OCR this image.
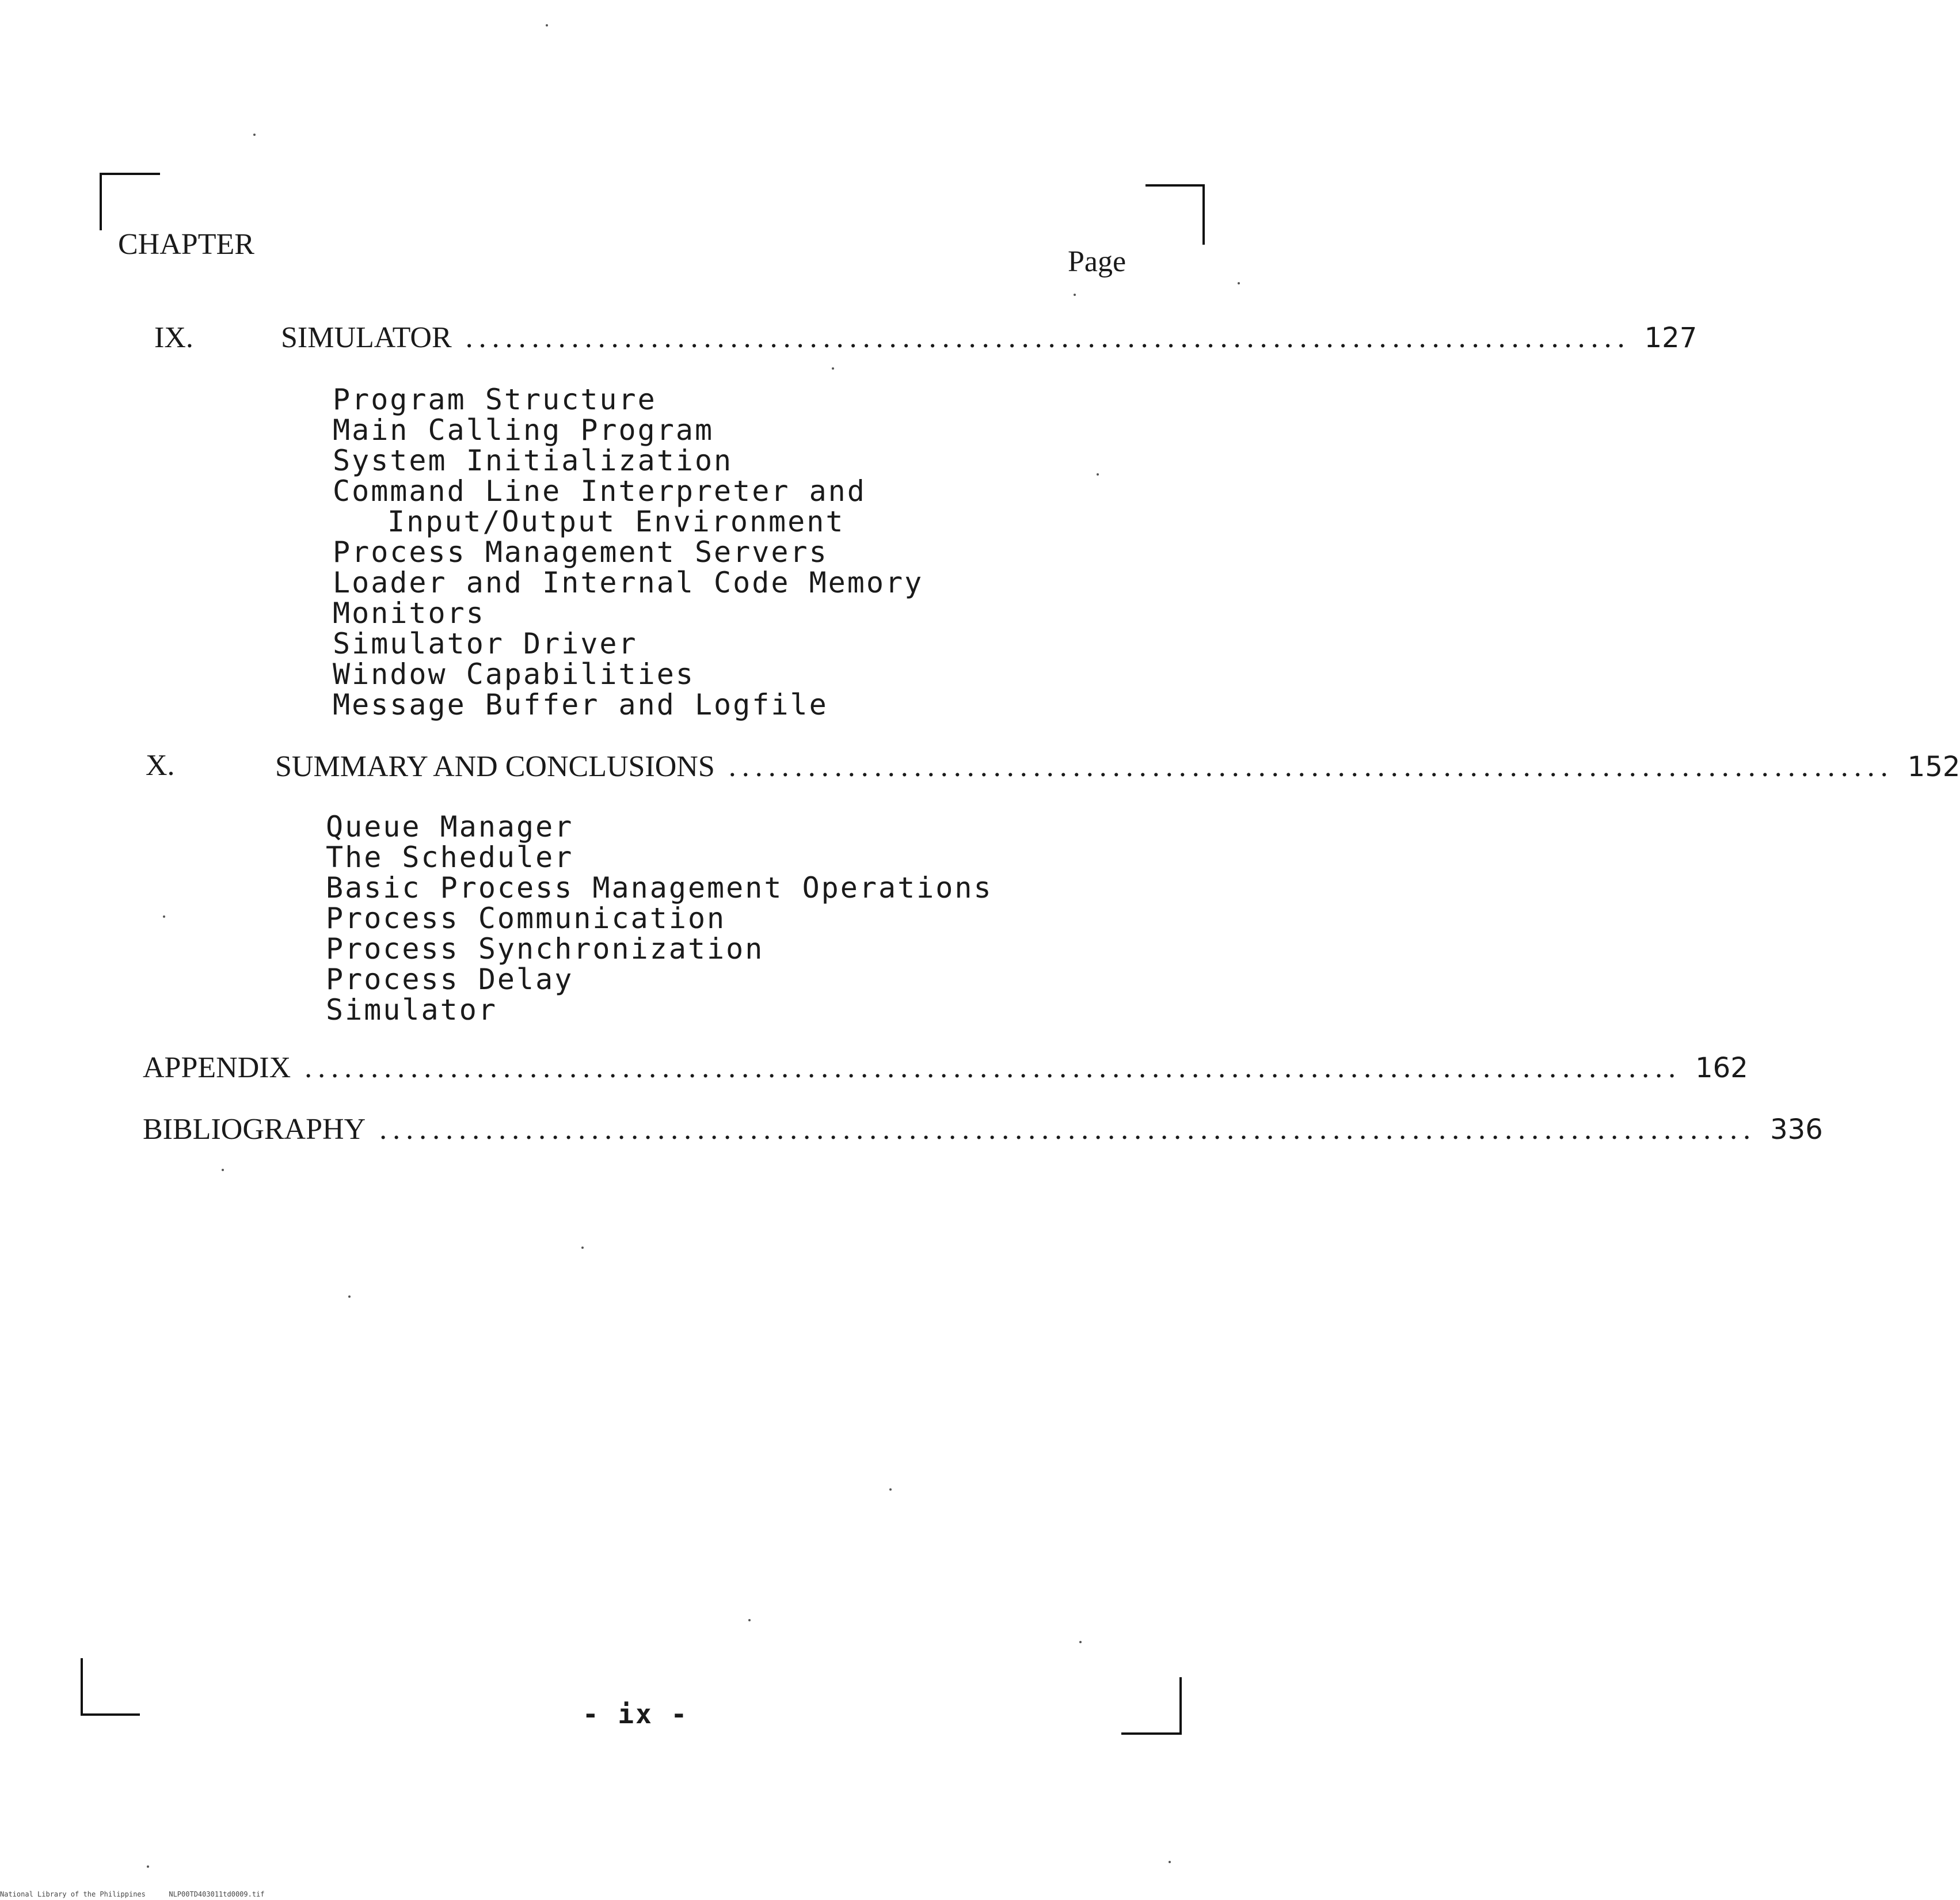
CHAPTER
Page
IX.	SIMULATOR ........................................................................................ 127
Program Structure
Main Calling Program
System Initialization
Command Line Interpreter and
Input/Output Environment
Process Management Servers
Loader and Internal Code Memory
Monitors
Simulator Driver
Window Capabilities
Message Buffer and Logfile
X.	SUMMARY AND CONCLUSIONS ........................................................................................ 152
Queue Manager
The Scheduler
Basic Process Management Operations
Process Communication
Process Synchronization
Process Delay
Simulator
APPENDIX ........................................................................................................ 162
BIBLIOGRAPHY ........................................................................................................ 336
- ix -
National Library of the Philippines	NLP00TD403011td0009.tif
